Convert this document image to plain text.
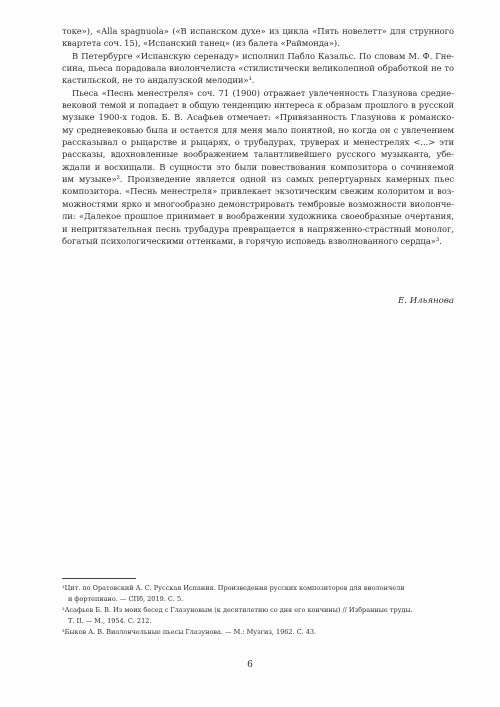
токе»), «Alla spagnuola» («В испанском духе» из цикла «Пять новелетт» для струнного
квартета соч. 15), «Испанский танец» (из балета «Раймонда»).
В Петербурге «Испанскую серенаду» исполнил Пабло Казальс. По словам М. Ф. Гне-
сина, пьеса порадовала виолончелиста «стилистически великолепной обработкой не то
кастильской, не то андалузской мелодии»¹.
Пьеса «Песнь менестреля» соч. 71 (1900) отражает увлеченность Глазунова средне-
вековой темой и попадает в общую тенденцию интереса к образам прошлого в русской
музыке 1900-х годов. Б. В. Асафьев отмечает: «Привязанность Глазунова к романско-
му средневековью была и остается для меня мало понятной, но когда он с увлечением
рассказывал о рыцарстве и рыцарях, о трубадурах, труверах и менестрелях <...> эти
рассказы, вдохновленные воображением талантливейшего русского музыканта, убе-
ждали и восхищали. В сущности это были повествования композитора о сочиняемой
им музыке»². Произведение является одной из самых репертуарных камерных пьес
композитора. «Песнь менестреля» привлекает экзотическим свежим колоритом и воз-
можностями ярко и многообразно демонстрировать тембровые возможности виолонче-
ли: «Далекое прошлое принимает в воображении художника своеобразные очертания,
и непритязательная песнь трубадура превращается в напряженно-страстный монолог,
богатый психологическими оттенками, в горячую исповедь взволнованного сердца»³.
Е. Ильянова
¹Цит. по Оратовский А. С. Русская Испания. Произведения русских композиторов для виолончели
и фортепиано. — СПб, 2019. С. 5.
²Асафьев Б. В. Из моих бесед с Глазуновым (к десятилетию со дня его кончины) // Избранные труды.
Т. II. — М., 1954. С. 212.
³Быков А. В. Виолончельные пьесы Глазунова. — М.: Музгиз, 1962. С. 43.
6
